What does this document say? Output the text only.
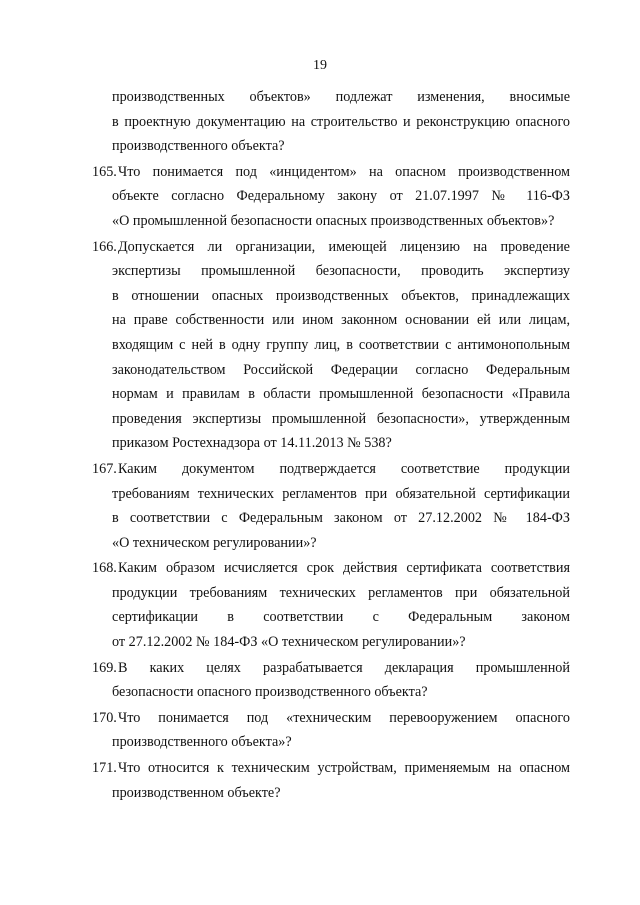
19
производственных объектов» подлежат изменения, вносимые
в проектную документацию на строительство и реконструкцию опасного
производственного объекта?
165. Что понимается под «инцидентом» на опасном производственном
объекте согласно Федеральному закону от 21.07.1997 № 116-ФЗ
«О промышленной безопасности опасных производственных объектов»?
166. Допускается ли организации, имеющей лицензию на проведение
экспертизы промышленной безопасности, проводить экспертизу
в отношении опасных производственных объектов, принадлежащих
на праве собственности или ином законном основании ей или лицам,
входящим с ней в одну группу лиц, в соответствии с антимонопольным
законодательством Российской Федерации согласно Федеральным
нормам и правилам в области промышленной безопасности «Правила
проведения экспертизы промышленной безопасности», утвержденным
приказом Ростехнадзора от 14.11.2013 № 538?
167. Каким документом подтверждается соответствие продукции
требованиям технических регламентов при обязательной сертификации
в соответствии с Федеральным законом от 27.12.2002 № 184-ФЗ
«О техническом регулировании»?
168. Каким образом исчисляется срок действия сертификата соответствия
продукции требованиям технических регламентов при обязательной
сертификации в соответствии с Федеральным законом
от 27.12.2002 № 184-ФЗ «О техническом регулировании»?
169. В каких целях разрабатывается декларация промышленной
безопасности опасного производственного объекта?
170. Что понимается под «техническим перевооружением опасного
производственного объекта»?
171. Что относится к техническим устройствам, применяемым на опасном
производственном объекте?
